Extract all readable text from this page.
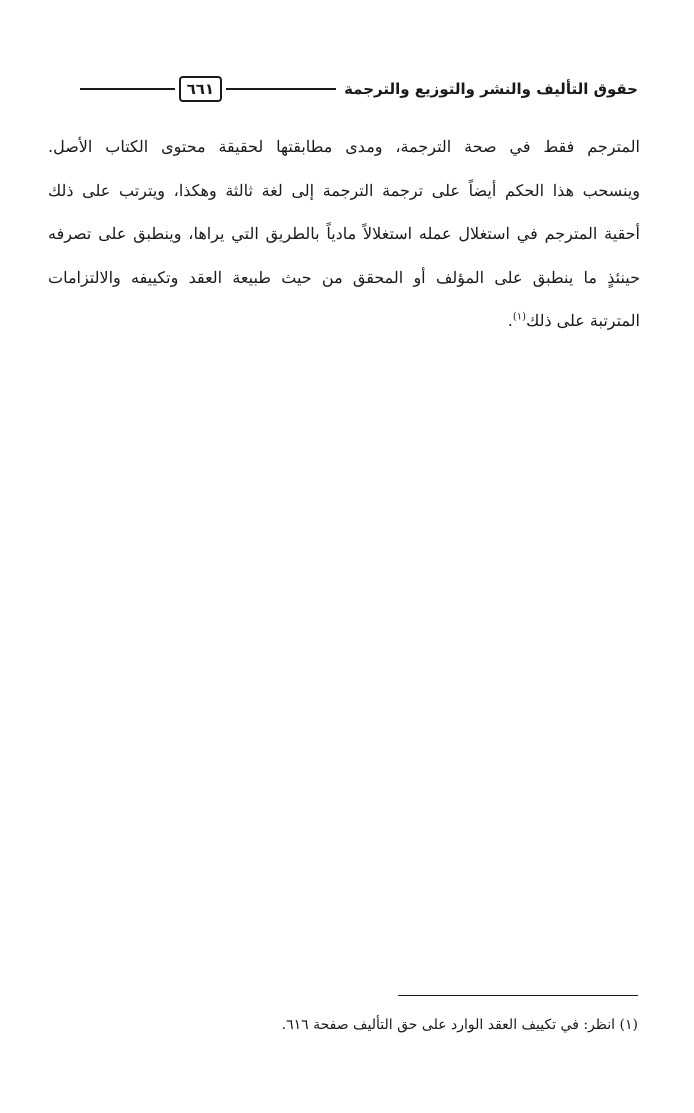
حقوق التأليف والنشر والتوزيع والترجمة
٦٦١
المترجم فقط في صحة الترجمة، ومدى مطابقتها لحقيقة محتوى الكتاب الأصل.
وينسحب هذا الحكم أيضاً على ترجمة الترجمة إلى لغة ثالثة وهكذا، ويترتب على ذلك
أحقية المترجم في استغلال عمله استغلالاً مادياً بالطريق التي يراها، وينطبق على تصرفه
حينئذٍ ما ينطبق على المؤلف أو المحقق من حيث طبيعة العقد وتكييفه والالتزامات
المترتبة على ذلك$^{(١)}$.
(١) انظر: في تكييف العقد الوارد على حق التأليف صفحة ٦١٦.
